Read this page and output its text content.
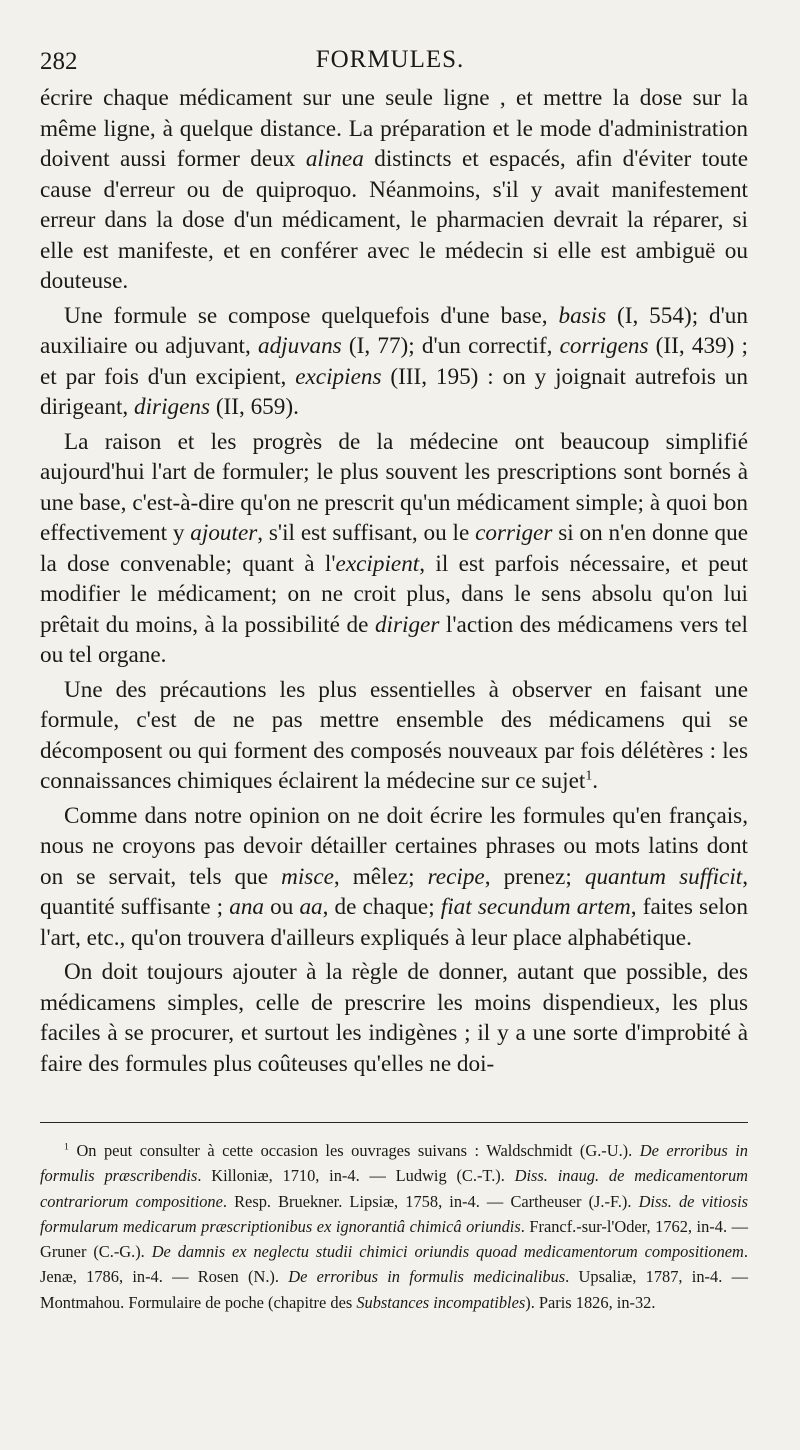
282	FORMULES.

écrire chaque médicament sur une seule ligne , et mettre la dose sur la même ligne, à quelque distance. La préparation et le mode d'administration doivent aussi former deux alinea distincts et espacés, afin d'éviter toute cause d'erreur ou de quiproquo. Néanmoins, s'il y avait manifestement erreur dans la dose d'un médicament, le pharmacien devrait la réparer, si elle est manifeste, et en conférer avec le médecin si elle est ambiguë ou douteuse.

Une formule se compose quelquefois d'une base, basis (I, 554); d'un auxiliaire ou adjuvant, adjuvans (I, 77); d'un correctif, corrigens (II, 439) ; et par fois d'un excipient, excipiens (III, 195) : on y joignait autrefois un dirigeant, dirigens (II, 659).

La raison et les progrès de la médecine ont beaucoup simplifié aujourd'hui l'art de formuler; le plus souvent les prescriptions sont bornés à une base, c'est-à-dire qu'on ne prescrit qu'un médicament simple; à quoi bon effectivement y ajouter, s'il est suffisant, ou le corriger si on n'en donne que la dose convenable; quant à l'excipient, il est parfois nécessaire, et peut modifier le médicament; on ne croit plus, dans le sens absolu qu'on lui prêtait du moins, à la possibilité de diriger l'action des médicamens vers tel ou tel organe.

Une des précautions les plus essentielles à observer en faisant une formule, c'est de ne pas mettre ensemble des médicamens qui se décomposent ou qui forment des composés nouveaux par fois délétères : les connaissances chimiques éclairent la médecine sur ce sujet$^1$.

Comme dans notre opinion on ne doit écrire les formules qu'en français, nous ne croyons pas devoir détailler certaines phrases ou mots latins dont on se servait, tels que misce, mêlez; recipe, prenez; quantum sufficit, quantité suffisante ; ana ou aa, de chaque; fiat secundum artem, faites selon l'art, etc., qu'on trouvera d'ailleurs expliqués à leur place alphabétique.

On doit toujours ajouter à la règle de donner, autant que possible, des médicamens simples, celle de prescrire les moins dispendieux, les plus faciles à se procurer, et surtout les indigènes ; il y a une sorte d'improbité à faire des formules plus coûteuses qu'elles ne doi-

$^1$ On peut consulter à cette occasion les ouvrages suivans : Waldschmidt (G.-U.). De erroribus in formulis præscribendis. Killoniæ, 1710, in-4. — Ludwig (C.-T.). Diss. inaug. de medicamentorum contrariorum compositione. Resp. Bruekner. Lipsiæ, 1758, in-4. — Cartheuser (J.-F.). Diss. de vitiosis formularum medicarum præscriptionibus ex ignorantiâ chimicâ oriundis. Francf.-sur-l'Oder, 1762, in-4. — Gruner (C.-G.). De damnis ex neglectu studii chimici oriundis quoad medicamentorum compositionem. Jenæ, 1786, in-4. — Rosen (N.). De erroribus in formulis medicinalibus. Upsaliæ, 1787, in-4. — Montmahou. Formulaire de poche (chapitre des Substances incompatibles). Paris 1826, in-32.
